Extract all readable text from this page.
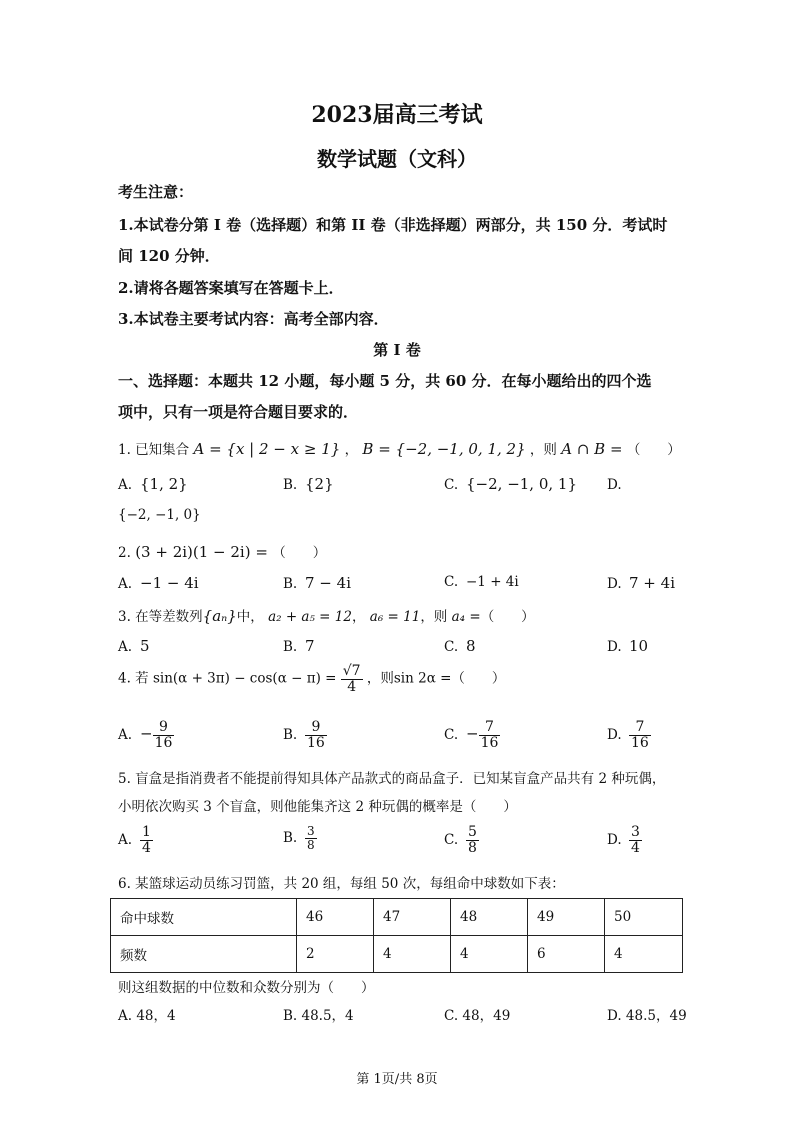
2023届高三考试
数学试题（文科）
考生注意：
1.本试卷分第 I 卷（选择题）和第 II 卷（非选择题）两部分，共 150 分．考试时
间 120 分钟．
2.请将各题答案填写在答题卡上．
3.本试卷主要考试内容：高考全部内容．
第 I 卷
一、选择题：本题共 12 小题，每小题 5 分，共 60 分．在每小题给出的四个选
项中，只有一项是符合题目要求的．
1. 已知集合 A = {x | 2 − x ≥ 1} ， B = {−2, −1, 0, 1, 2} ，则 A ∩ B = （　　）
A. {1, 2}	B. {2}	C. {−2, −1, 0, 1} D.
{−2, −1, 0}
2. (3 + 2i)(1 − 2i) = （　　）
A. −1 − 4i	B. 7 − 4i	C. −1 + 4i	D. 7 + 4i
3. 在等差数列{aₙ}中， a₂ + a₅ = 12， a₆ = 11，则 a₄ =（　　）
A. 5	B. 7	C. 8	D. 10
4. 若 $\sin(\alpha + 3\pi) - \cos(\alpha - \pi) = \frac{√7}{4}$ ，则sin 2α =（　　）
A. − $\frac{9}{16}$	B. $\frac{9}{16}$	C. − $\frac{7}{16}$	D. $\frac{7}{16}$
5. 盲盒是指消费者不能提前得知具体产品款式的商品盒子．已知某盲盒产品共有 2 种玩偶，
小明依次购买 3 个盲盒，则他能集齐这 2 种玩偶的概率是（　　）
A. $\frac{1}{4}$	B. $\frac{3}{8}$	C. $\frac{5}{8}$	D. $\frac{3}{4}$
6. 某篮球运动员练习罚篮，共 20 组，每组 50 次，每组命中球数如下表：
命中球数	46	47	48	49	50
频数	2	4	4	6	4
则这组数据的中位数和众数分别为（　　）
A. 48，4	B. 48.5，4	C. 48，49	D. 48.5，49
第 1页/共 8页
